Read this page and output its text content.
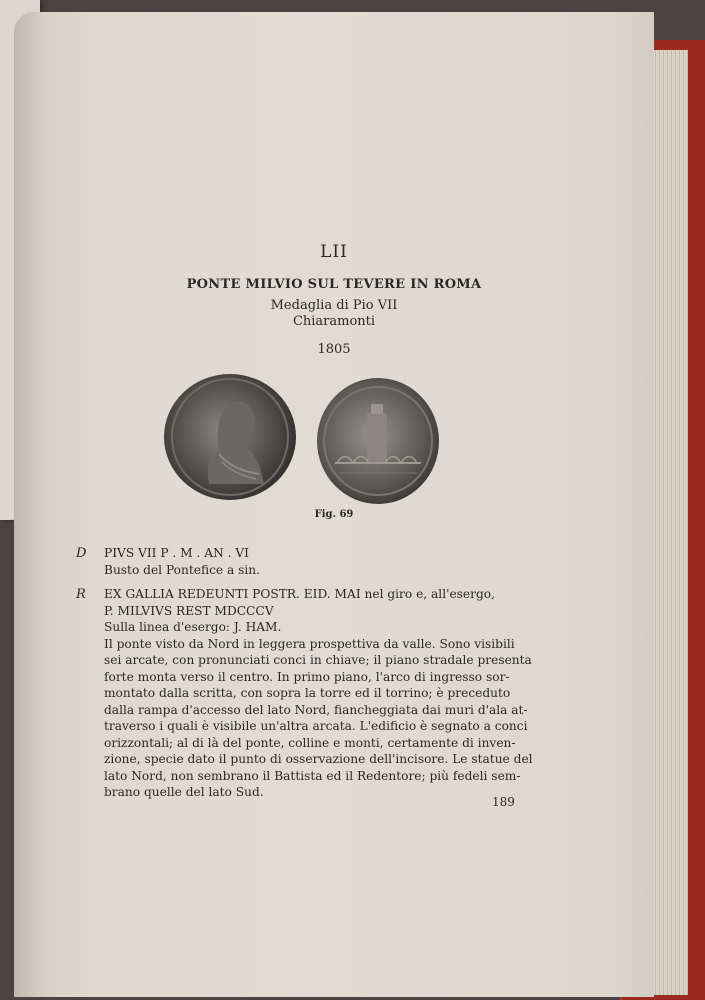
LII
PONTE MILVIO SUL TEVERE IN ROMA
Medaglia di Pio VII
Chiaramonti
1805
Fig. 69
D PIVS VII P . M . AN . VI
Busto del Pontefice a sin.
R EX GALLIA REDEUNTI POSTR. EID. MAI nel giro e, all'esergo,
P. MILVIVS REST MDCCCV
Sulla linea d'esergo: J. HAM.
Il ponte visto da Nord in leggera prospettiva da valle. Sono visibili
sei arcate, con pronunciati conci in chiave; il piano stradale presenta
forte monta verso il centro. In primo piano, l'arco di ingresso sor-
montato dalla scritta, con sopra la torre ed il torrino; è preceduto
dalla rampa d'accesso del lato Nord, fiancheggiata dai muri d'ala at-
traverso i quali è visibile un'altra arcata. L'edificio è segnato a conci
orizzontali; al di là del ponte, colline e monti, certamente di inven-
zione, specie dato il punto di osservazione dell'incisore. Le statue del
lato Nord, non sembrano il Battista ed il Redentore; più fedeli sem-
brano quelle del lato Sud.
189
